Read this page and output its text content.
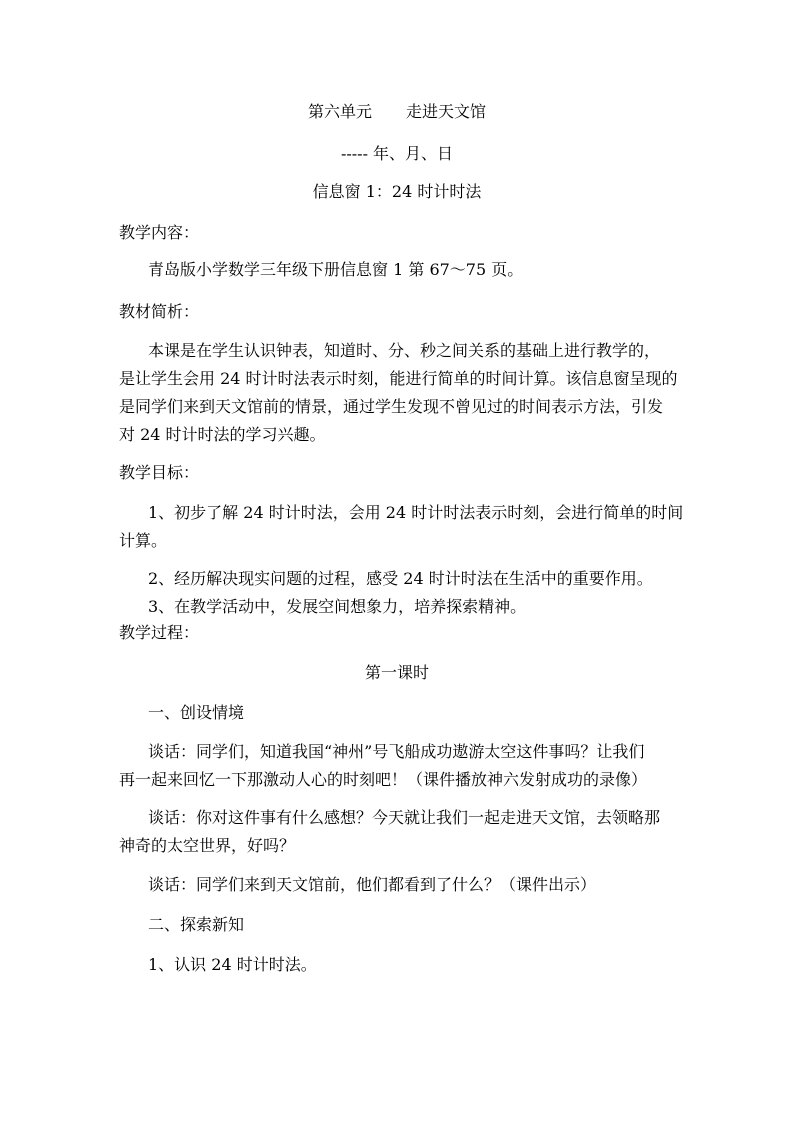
第六单元 走进天文馆
----- 年、月、日
信息窗 1：24 时计时法
教学内容：
青岛版小学数学三年级下册信息窗 1 第 67～75 页。
教材简析：
本课是在学生认识钟表，知道时、分、秒之间关系的基础上进行教学的，
是让学生会用 24 时计时法表示时刻，能进行简单的时间计算。该信息窗呈现的
是同学们来到天文馆前的情景，通过学生发现不曾见过的时间表示方法，引发
对 24 时计时法的学习兴趣。
教学目标：
1、初步了解 24 时计时法，会用 24 时计时法表示时刻，会进行简单的时间
计算。
2、经历解决现实问题的过程，感受 24 时计时法在生活中的重要作用。
3、在教学活动中，发展空间想象力，培养探索精神。
教学过程：
第一课时
一、创设情境
谈话：同学们，知道我国“神州”号飞船成功遨游太空这件事吗？让我们
再一起来回忆一下那激动人心的时刻吧！（课件播放神六发射成功的录像）
谈话：你对这件事有什么感想？今天就让我们一起走进天文馆，去领略那
神奇的太空世界，好吗？
谈话：同学们来到天文馆前，他们都看到了什么？（课件出示）
二、探索新知
1、认识 24 时计时法。
